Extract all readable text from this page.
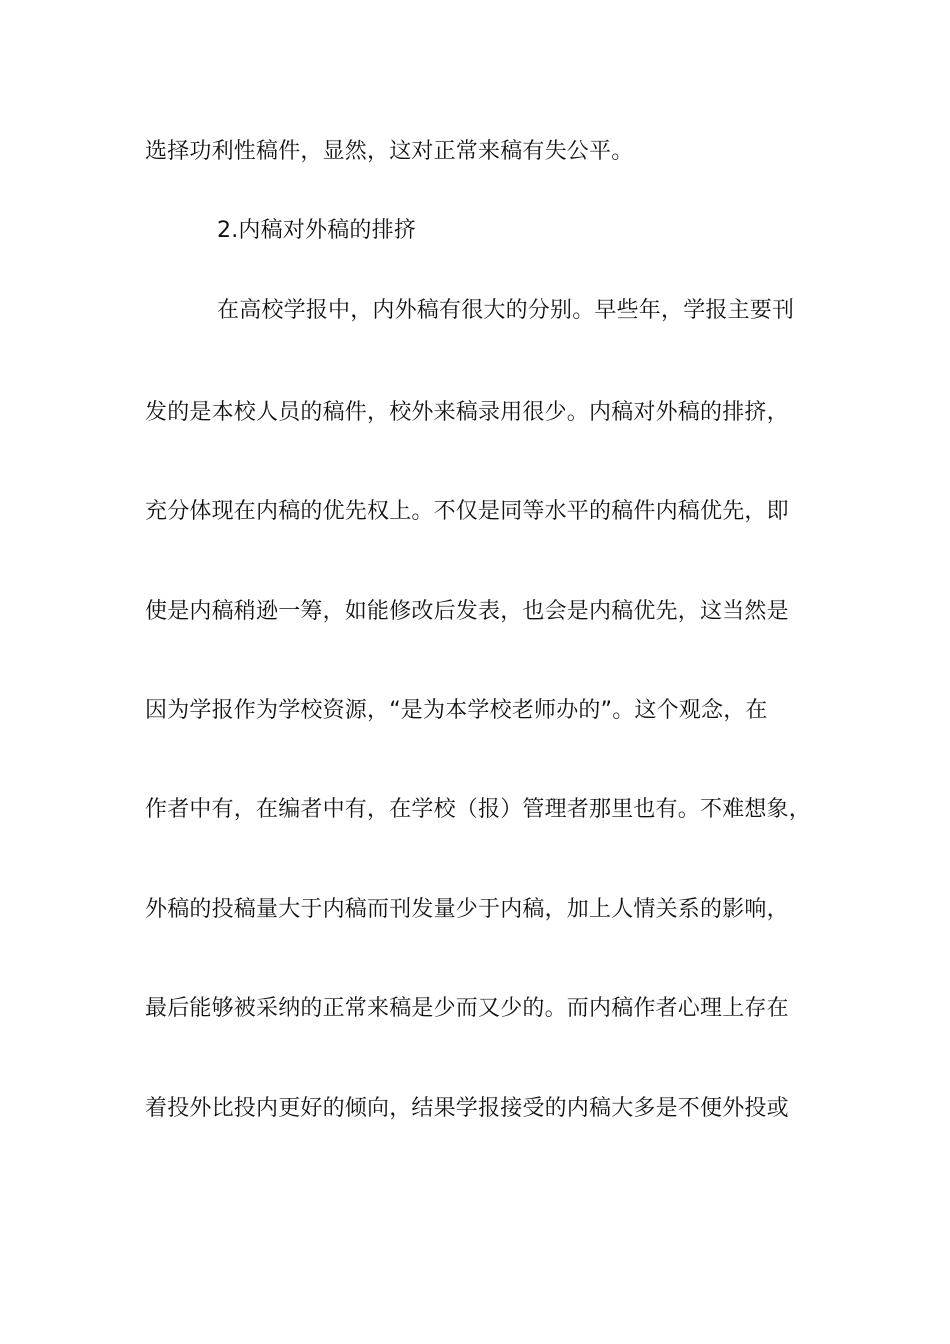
选择功利性稿件，显然，这对正常来稿有失公平。
2.内稿对外稿的排挤
在高校学报中，内外稿有很大的分别。早些年，学报主要刊
发的是本校人员的稿件，校外来稿录用很少。内稿对外稿的排挤，
充分体现在内稿的优先权上。不仅是同等水平的稿件内稿优先，即
使是内稿稍逊一筹，如能修改后发表，也会是内稿优先，这当然是
因为学报作为学校资源，“是为本学校老师办的”。这个观念，在
作者中有，在编者中有，在学校（报）管理者那里也有。不难想象，
外稿的投稿量大于内稿而刊发量少于内稿，加上人情关系的影响，
最后能够被采纳的正常来稿是少而又少的。而内稿作者心理上存在
着投外比投内更好的倾向，结果学报接受的内稿大多是不便外投或
